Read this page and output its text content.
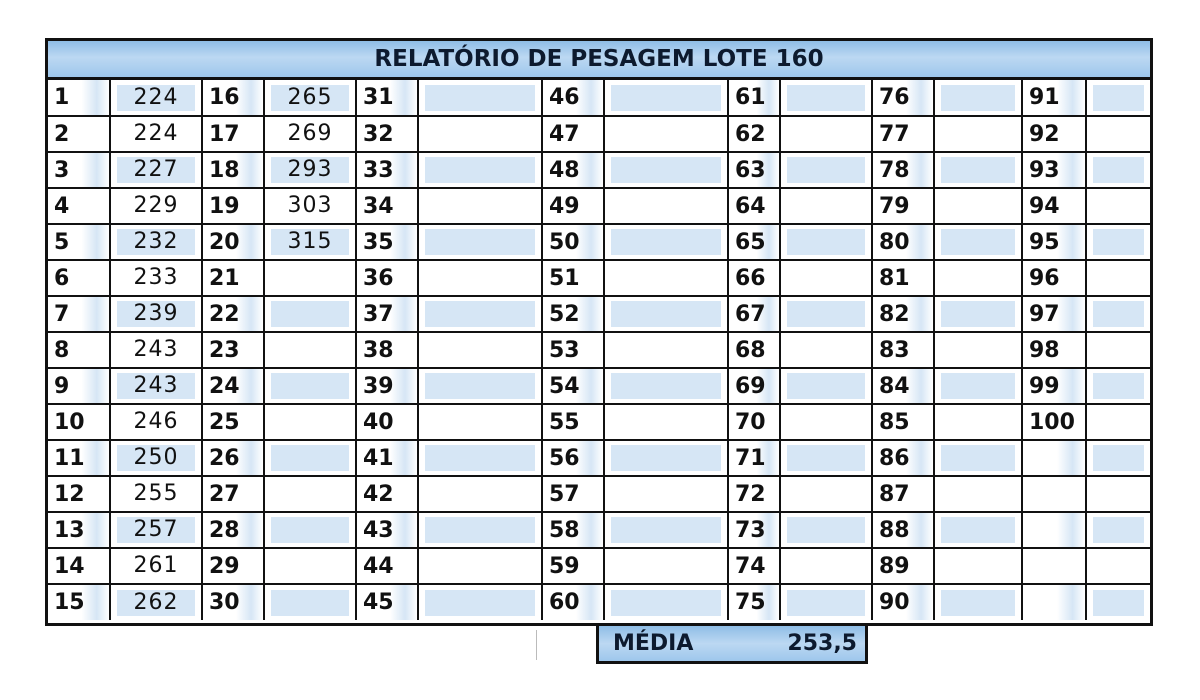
RELATÓRIO DE PESAGEM LOTE 160
1	224	16	265	31		46		61		76		91	

2	224	17	269	32		47		62		77		92	

3	227	18	293	33		48		63		78		93	

4	229	19	303	34		49		64		79		94	

5	232	20	315	35		50		65		80		95	

6	233	21		36		51		66		81		96	

7	239	22		37		52		67		82		97	

8	243	23		38		53		68		83		98	

9	243	24		39		54		69		84		99	

10	246	25		40		55		70		85		100	

11	250	26		41		56		71		86	

12	255	27		42		57		72		87	

13	257	28		43		58		73		88	

14	261	29		44		59		74		89	

15	262	30		45		60		75		90	

MÉDIA	253,5
